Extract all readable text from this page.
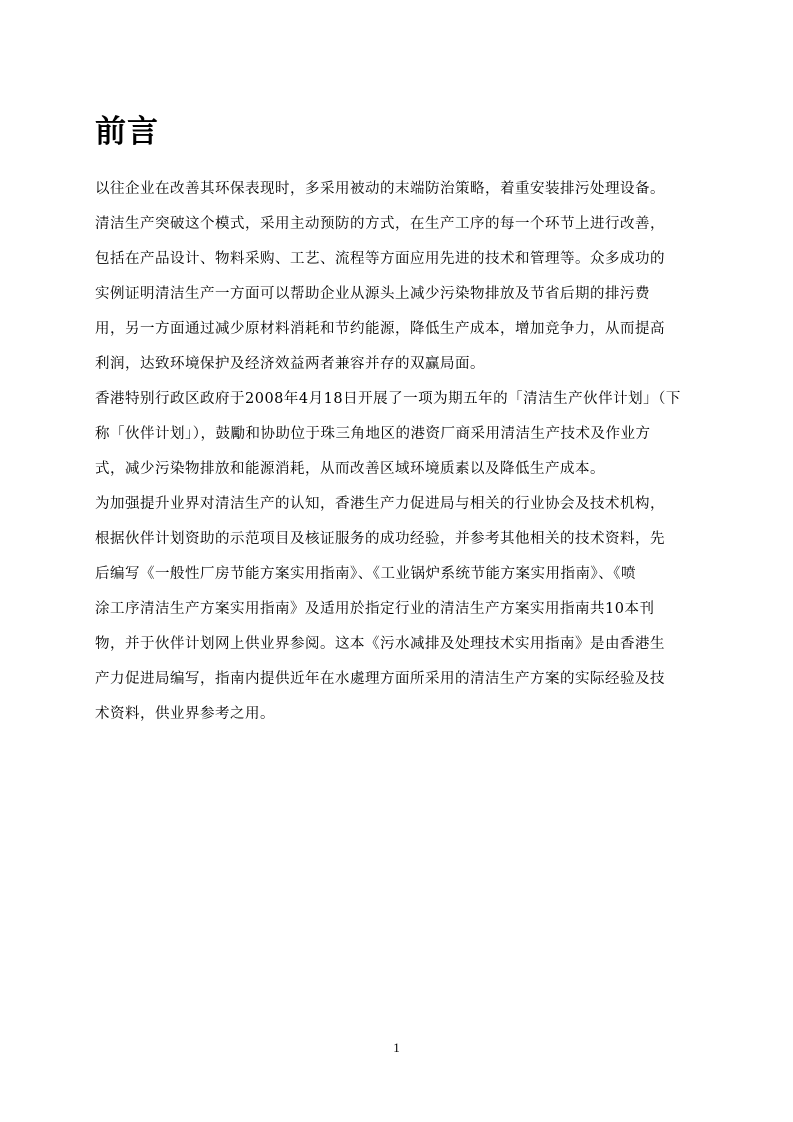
前言
以往企业在改善其环保表现时，多采用被动的末端防治策略，着重安装排污处理设备。
清洁生产突破这个模式，采用主动预防的方式，在生产工序的每一个环节上进行改善，
包括在产品设计、物料采购、工艺、流程等方面应用先进的技术和管理等。众多成功的
实例证明清洁生产一方面可以帮助企业从源头上减少污染物排放及节省后期的排污费
用，另一方面通过减少原材料消耗和节约能源，降低生产成本，增加竞争力，从而提高
利润，达致环境保护及经济效益两者兼容并存的双赢局面。
香港特别行政区政府于2008年4月18日开展了一项为期五年的「清洁生产伙伴计划」（下
称「伙伴计划」），鼓勵和协助位于珠三角地区的港资厂商采用清洁生产技术及作业方
式，减少污染物排放和能源消耗，从而改善区域环境质素以及降低生产成本。
为加强提升业界对清洁生产的认知，香港生产力促进局与相关的行业协会及技术机构，
根据伙伴计划资助的示范项目及核证服务的成功经验，并参考其他相关的技术资料，先
后编写《一般性厂房节能方案实用指南》、《工业锅炉系统节能方案实用指南》、《喷
涂工序清洁生产方案实用指南》及适用於指定行业的清洁生产方案实用指南共10本刊
物，并于伙伴计划网上供业界参阅。这本《污水减排及处理技术实用指南》是由香港生
产力促进局编写，指南内提供近年在水處理方面所采用的清洁生产方案的实际经验及技
术资料，供业界参考之用。
1
